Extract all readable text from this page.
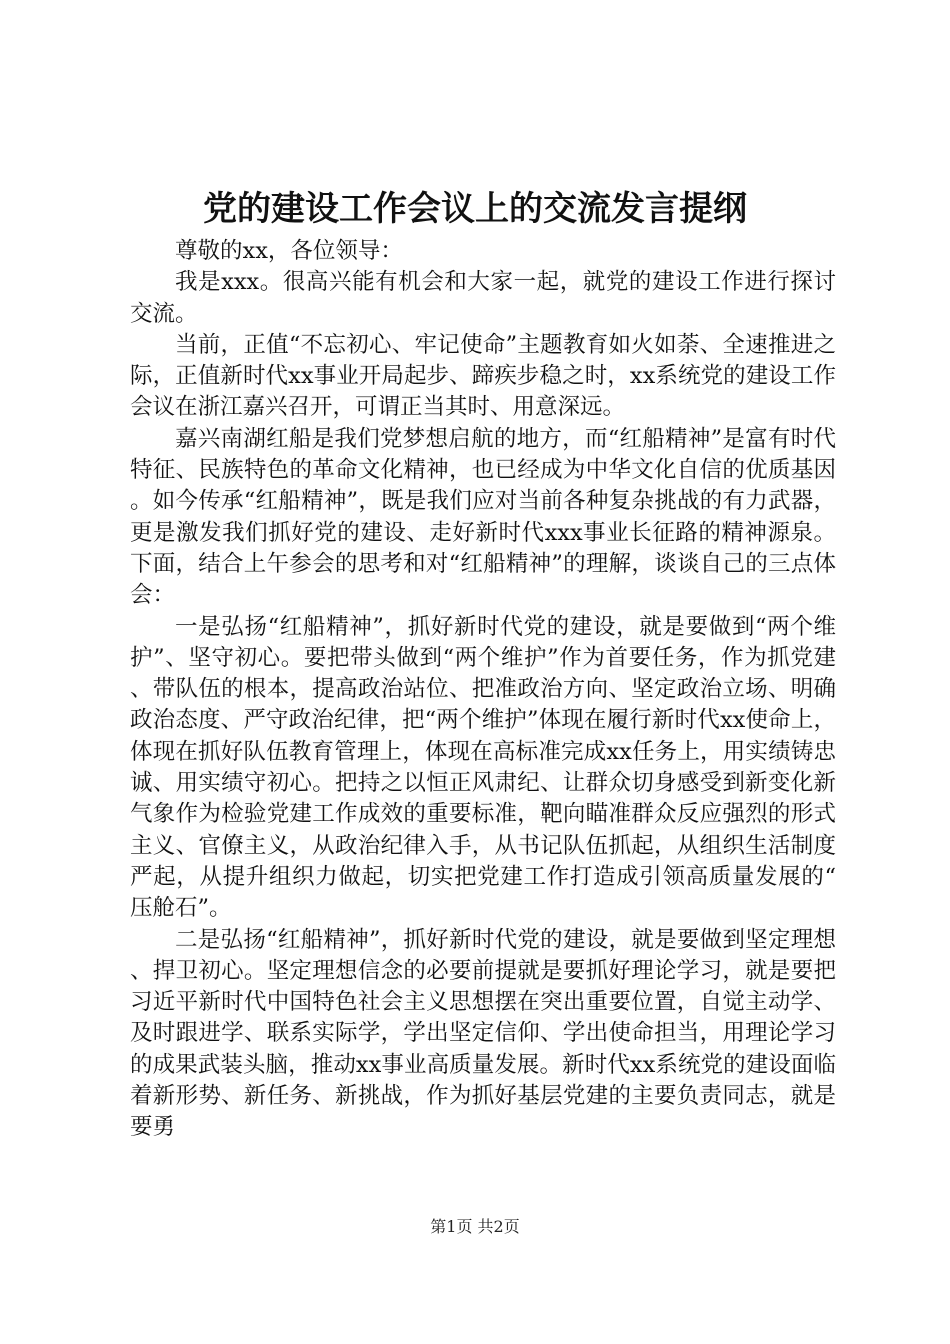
党的建设工作会议上的交流发言提纲

尊敬的xx，各位领导：

我是xxx。很高兴能有机会和大家一起，就党的建设工作进行探讨交流。

当前，正值“不忘初心、牢记使命”主题教育如火如荼、全速推进之际，正值新时代xx事业开局起步、蹄疾步稳之时，xx系统党的建设工作会议在浙江嘉兴召开，可谓正当其时、用意深远。

嘉兴南湖红船是我们党梦想启航的地方，而“红船精神”是富有时代特征、民族特色的革命文化精神，也已经成为中华文化自信的优质基因。如今传承“红船精神”，既是我们应对当前各种复杂挑战的有力武器，更是激发我们抓好党的建设、走好新时代xxx事业长征路的精神源泉。下面，结合上午参会的思考和对“红船精神”的理解，谈谈自己的三点体会：

一是弘扬“红船精神”，抓好新时代党的建设，就是要做到“两个维护”、坚守初心。要把带头做到“两个维护”作为首要任务，作为抓党建、带队伍的根本，提高政治站位、把准政治方向、坚定政治立场、明确政治态度、严守政治纪律，把“两个维护”体现在履行新时代xx使命上，体现在抓好队伍教育管理上，体现在高标准完成xx任务上，用实绩铸忠诚、用实绩守初心。把持之以恒正风肃纪、让群众切身感受到新变化新气象作为检验党建工作成效的重要标准，靶向瞄准群众反应强烈的形式主义、官僚主义，从政治纪律入手，从书记队伍抓起，从组织生活制度严起，从提升组织力做起，切实把党建工作打造成引领高质量发展的“压舱石”。

二是弘扬“红船精神”，抓好新时代党的建设，就是要做到坚定理想、捍卫初心。坚定理想信念的必要前提就是要抓好理论学习，就是要把习近平新时代中国特色社会主义思想摆在突出重要位置，自觉主动学、及时跟进学、联系实际学，学出坚定信仰、学出使命担当，用理论学习的成果武装头脑，推动xx事业高质量发展。新时代xx系统党的建设面临着新形势、新任务、新挑战，作为抓好基层党建的主要负责同志，就是要勇

第1页 共2页
